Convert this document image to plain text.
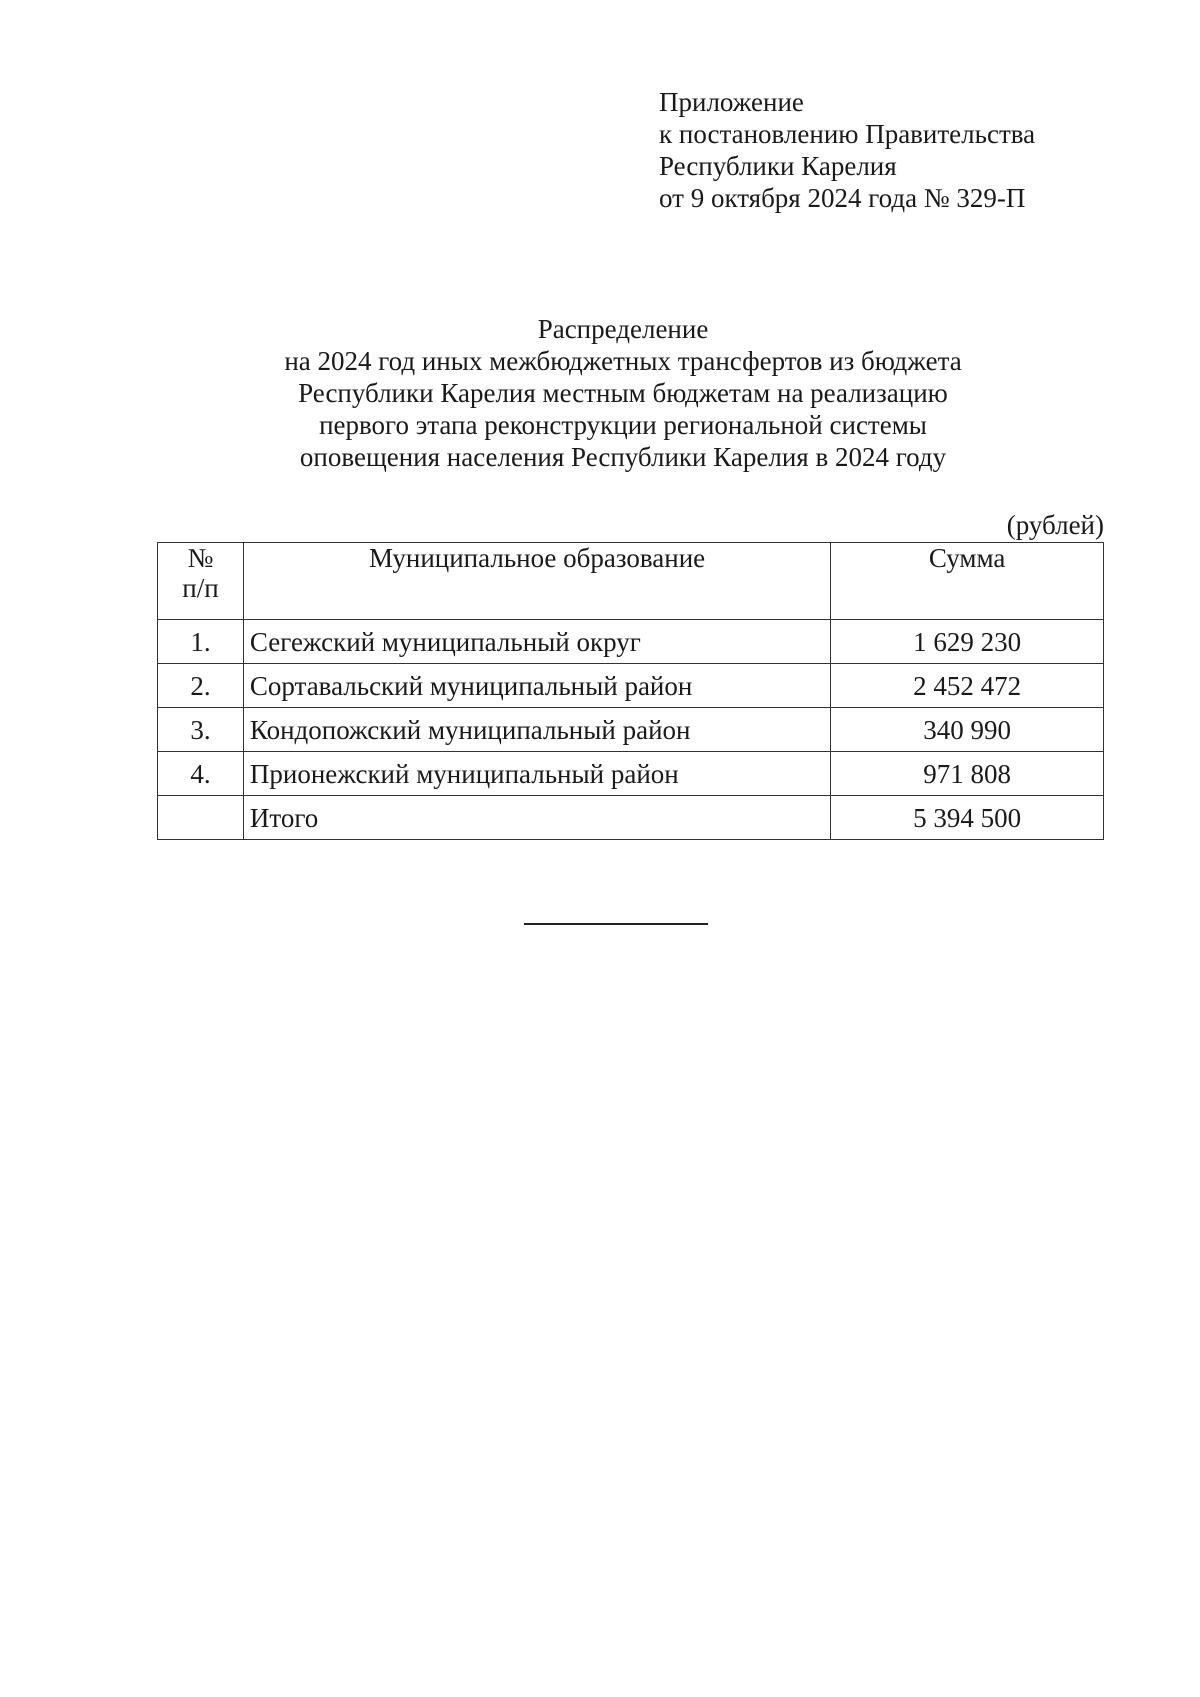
Приложение
к постановлению Правительства
Республики Карелия
от 9 октября 2024 года № 329-П
Распределение
на 2024 год иных межбюджетных трансфертов из бюджета
Республики Карелия местным бюджетам на реализацию
первого этапа реконструкции региональной системы
оповещения населения Республики Карелия в 2024 году
(рублей)
№
п/п	Муниципальное образование	Сумма
1.	Сегежский муниципальный округ	1 629 230
2.	Сортавальский муниципальный район	2 452 472
3.	Кондопожский муниципальный район	340 990
4.	Прионежский муниципальный район	971 808
	Итого	5 394 500
